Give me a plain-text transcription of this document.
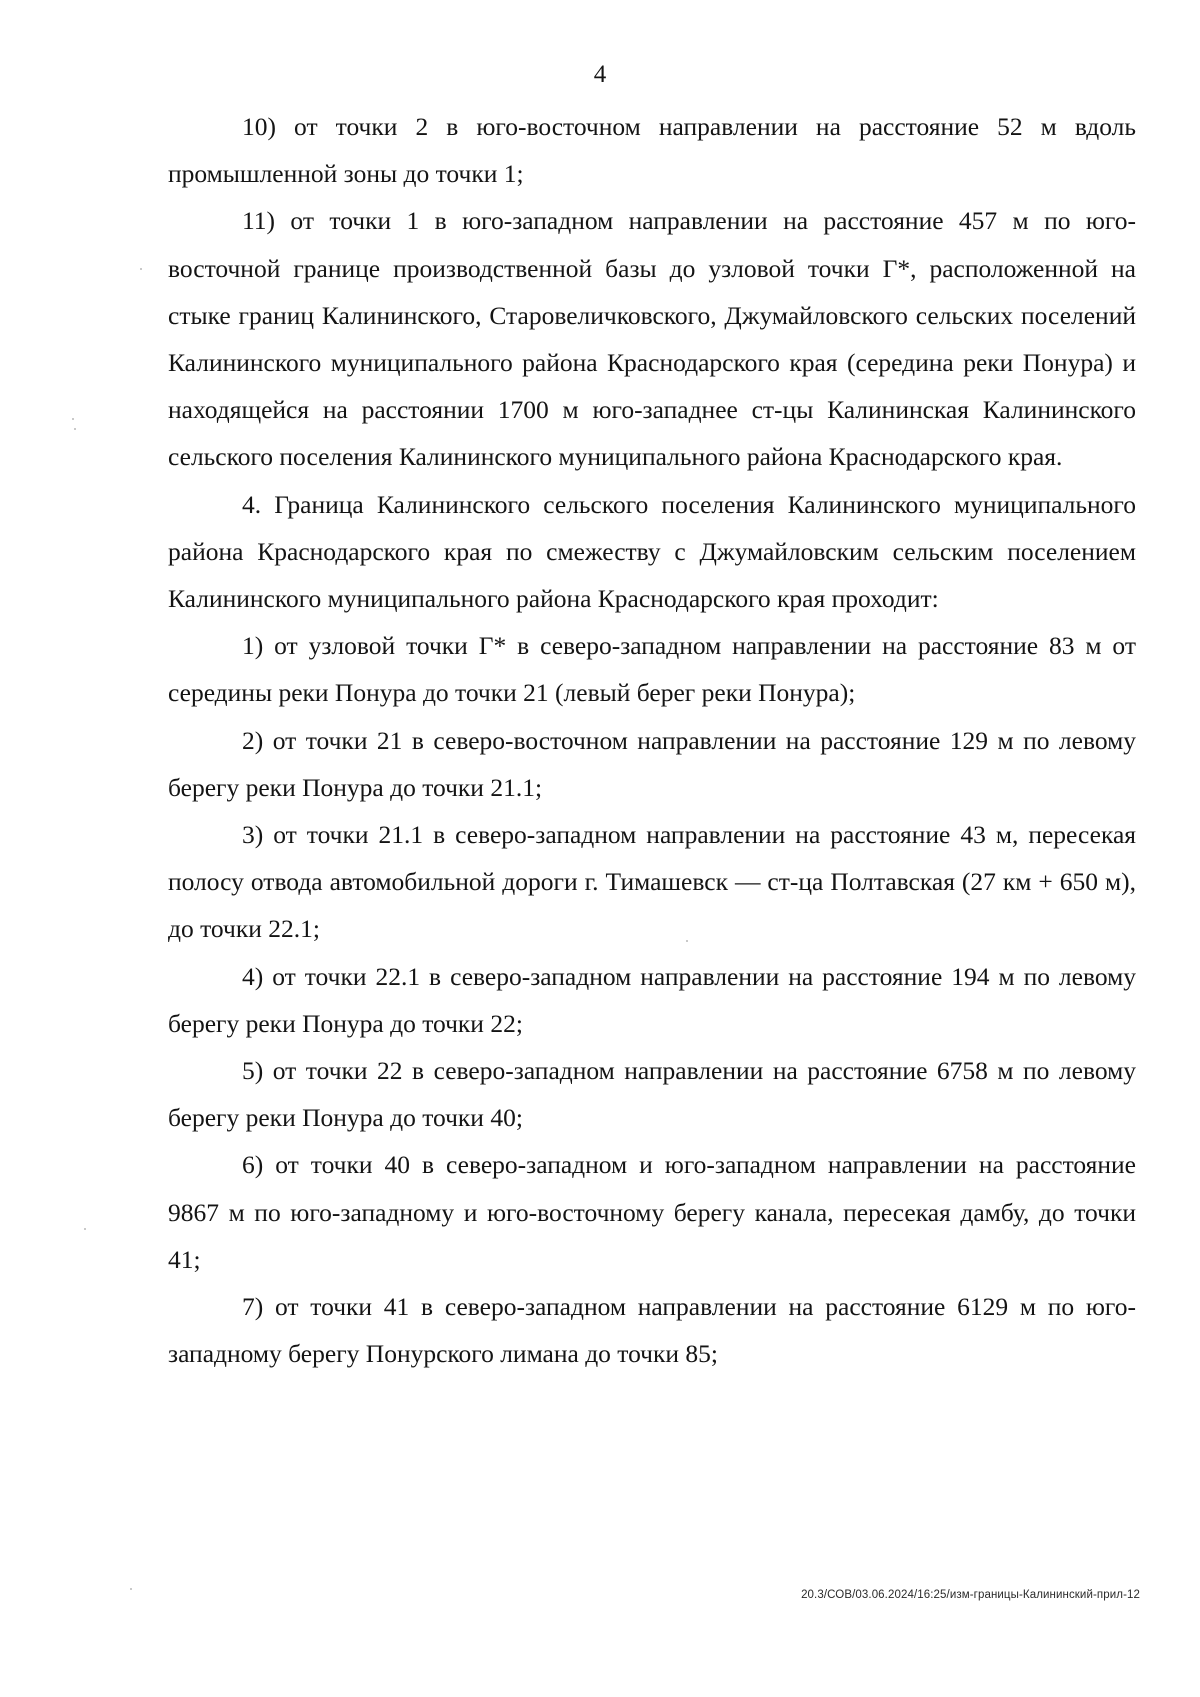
4

10) от точки 2 в юго-восточном направлении на расстояние 52 м вдоль промышленной зоны до точки 1;

11) от точки 1 в юго-западном направлении на расстояние 457 м по юго-восточной границе производственной базы до узловой точки Г*, расположенной на стыке границ Калининского, Старовеличковского, Джумайловского сельских поселений Калининского муниципального района Краснодарского края (середина реки Понура) и находящейся на расстоянии 1700 м юго-западнее ст-цы Калининская Калининского сельского поселения Калининского муниципального района Краснодарского края.

4. Граница Калининского сельского поселения Калининского муниципального района Краснодарского края по смежеству с Джумайловским сельским поселением Калининского муниципального района Краснодарского края проходит:

1) от узловой точки Г* в северо-западном направлении на расстояние 83 м от середины реки Понура до точки 21 (левый берег реки Понура);

2) от точки 21 в северо-восточном направлении на расстояние 129 м по левому берегу реки Понура до точки 21.1;

3) от точки 21.1 в северо-западном направлении на расстояние 43 м, пересекая полосу отвода автомобильной дороги г. Тимашевск — ст-ца Полтавская (27 км + 650 м), до точки 22.1;

4) от точки 22.1 в северо-западном направлении на расстояние 194 м по левому берегу реки Понура до точки 22;

5) от точки 22 в северо-западном направлении на расстояние 6758 м по левому берегу реки Понура до точки 40;

6) от точки 40 в северо-западном и юго-западном направлении на расстояние 9867 м по юго-западному и юго-восточному берегу канала, пересекая дамбу, до точки 41;

7) от точки 41 в северо-западном направлении на расстояние 6129 м по юго-западному берегу Понурского лимана до точки 85;

20.3/СОВ/03.06.2024/16:25/изм-границы-Калининский-прил-12
